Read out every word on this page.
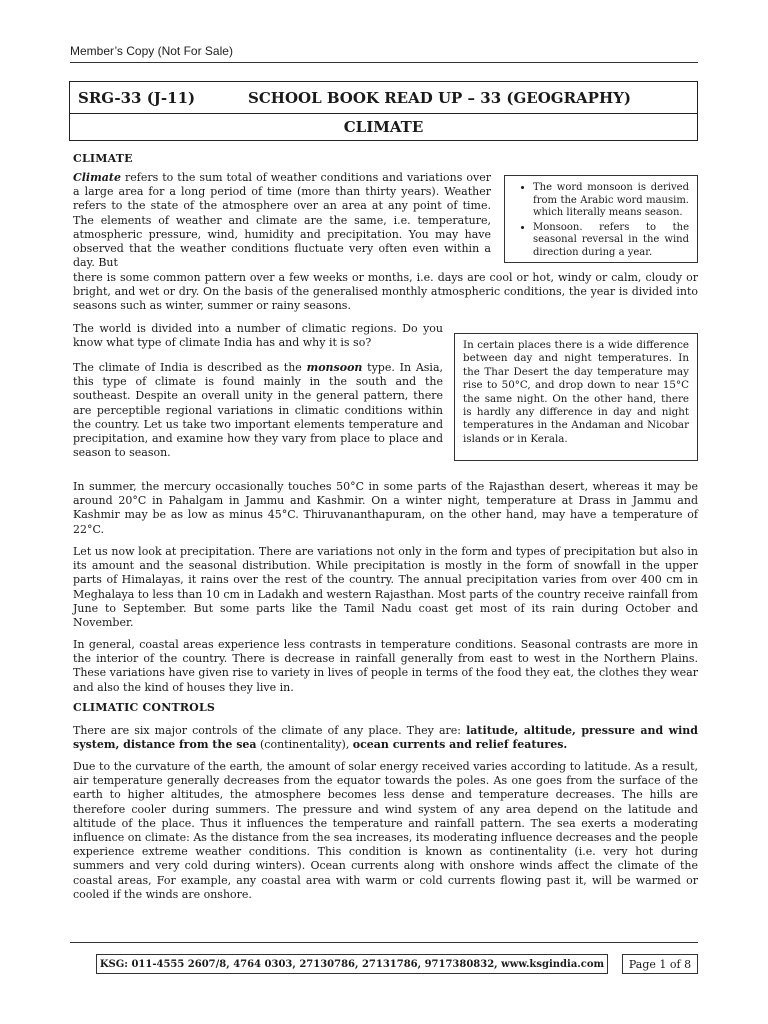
Member’s Copy (Not For Sale)
SRG-33 (J-11)	SCHOOL BOOK READ UP – 33 (GEOGRAPHY)
CLIMATE
CLIMATE

Climate refers to the sum total of weather conditions and variations over a large area for a long period of time (more than thirty years). Weather refers to the state of the atmosphere over an area at any point of time. The elements of weather and climate are the same, i.e. temperature, atmospheric pressure, wind, humidity and precipitation. You may have observed that the weather conditions fluctuate very often even within a day. But

there is some common pattern over a few weeks or months, i.e. days are cool or hot, windy or calm, cloudy or bright, and wet or dry. On the basis of the generalised monthly atmospheric conditions, the year is divided into seasons such as winter, summer or rainy seasons.

• The word monsoon is derived from the Arabic word mausim. which literally means season.
• Monsoon. refers to the seasonal reversal in the wind direction during a year.

The world is divided into a number of climatic regions. Do you know what type of climate India has and why it is so?

The climate of India is described as the monsoon type. In Asia, this type of climate is found mainly in the south and the southeast. Despite an overall unity in the general pattern, there are perceptible regional variations in climatic conditions within the country. Let us take two important elements temperature and precipitation, and examine how they vary from place to place and season to season.

In certain places there is a wide difference between day and night temperatures. In the Thar Desert the day temperature may rise to 50°C, and drop down to near 15°C the same night. On the other hand, there is hardly any difference in day and night temperatures in the Andaman and Nicobar islands or in Kerala.

In summer, the mercury occasionally touches 50°C in some parts of the Rajasthan desert, whereas it may be around 20°C in Pahalgam in Jammu and Kashmir. On a winter night, temperature at Drass in Jammu and Kashmir may be as low as minus 45°C. Thiruvananthapuram, on the other hand, may have a temperature of 22°C.

Let us now look at precipitation. There are variations not only in the form and types of precipitation but also in its amount and the seasonal distribution. While precipitation is mostly in the form of snowfall in the upper parts of Himalayas, it rains over the rest of the country. The annual precipitation varies from over 400 cm in Meghalaya to less than 10 cm in Ladakh and western Rajasthan. Most parts of the country receive rainfall from June to September. But some parts like the Tamil Nadu coast get most of its rain during October and November.

In general, coastal areas experience less contrasts in temperature conditions. Seasonal contrasts are more in the interior of the country. There is decrease in rainfall generally from east to west in the Northern Plains. These variations have given rise to variety in lives of people in terms of the food they eat, the clothes they wear and also the kind of houses they live in.

CLIMATIC CONTROLS

There are six major controls of the climate of any place. They are: latitude, altitude, pressure and wind system, distance from the sea (continentality), ocean currents and relief features.

Due to the curvature of the earth, the amount of solar energy received varies according to latitude. As a result, air temperature generally decreases from the equator towards the poles. As one goes from the surface of the earth to higher altitudes, the atmosphere becomes less dense and temperature decreases. The hills are therefore cooler during summers. The pressure and wind system of any area depend on the latitude and altitude of the place. Thus it influences the temperature and rainfall pattern. The sea exerts a moderating influence on climate: As the distance from the sea increases, its moderating influence decreases and the people experience extreme weather conditions. This condition is known as continentality (i.e. very hot during summers and very cold during winters). Ocean currents along with onshore winds affect the climate of the coastal areas, For example, any coastal area with warm or cold currents flowing past it, will be warmed or cooled if the winds are onshore.

KSG: 011-4555 2607/8, 4764 0303, 27130786, 27131786, 9717380832, www.ksgindia.com	Page 1 of 8
